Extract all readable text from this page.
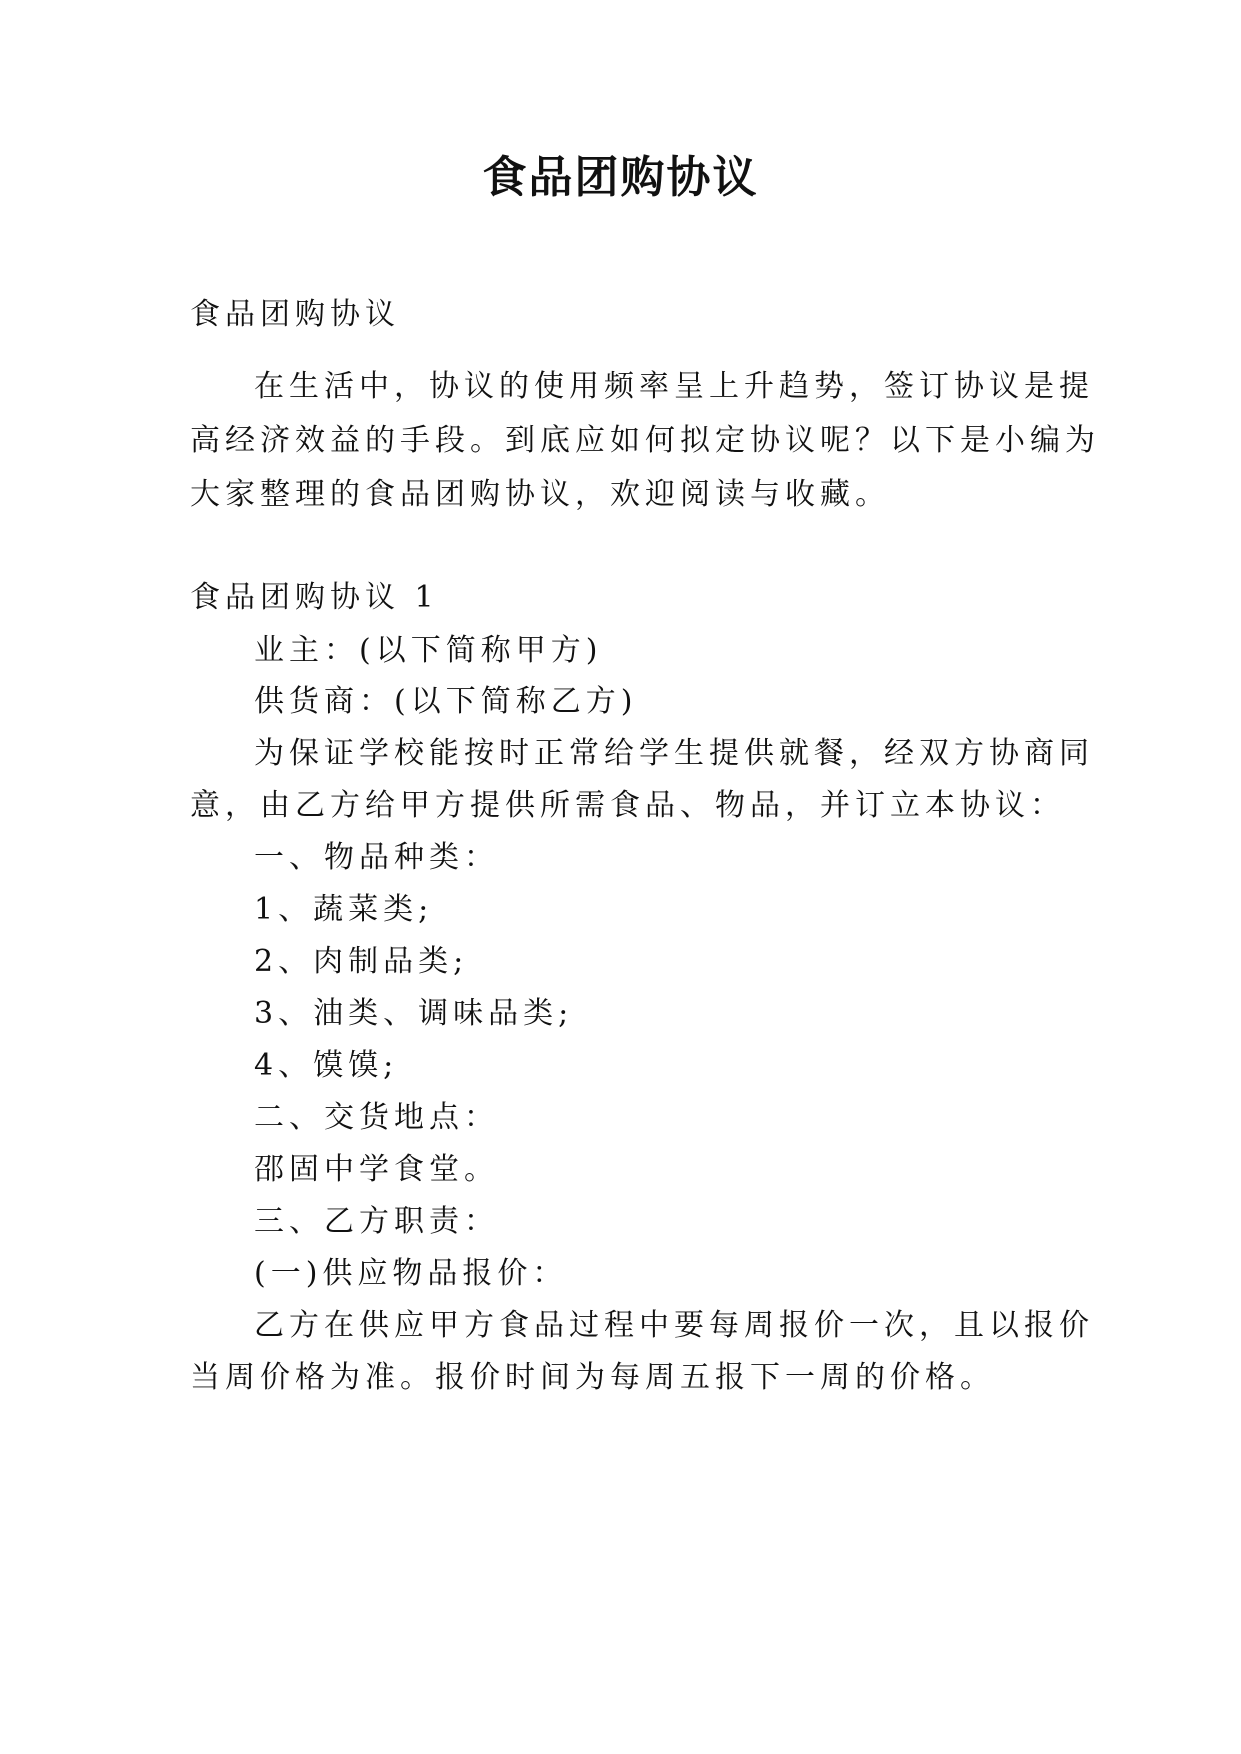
食品团购协议
食品团购协议
在生活中，协议的使用频率呈上升趋势，签订协议是提
高经济效益的手段。到底应如何拟定协议呢？以下是小编为
大家整理的食品团购协议，欢迎阅读与收藏。
食品团购协议 1
业主：(以下简称甲方)
供货商：(以下简称乙方)
为保证学校能按时正常给学生提供就餐，经双方协商同
意，由乙方给甲方提供所需食品、物品，并订立本协议：
一、物品种类：
1、蔬菜类;
2、肉制品类;
3、油类、调味品类;
4、馍馍;
二、交货地点：
邵固中学食堂。
三、乙方职责：
(一)供应物品报价：
乙方在供应甲方食品过程中要每周报价一次，且以报价
当周价格为准。报价时间为每周五报下一周的价格。
